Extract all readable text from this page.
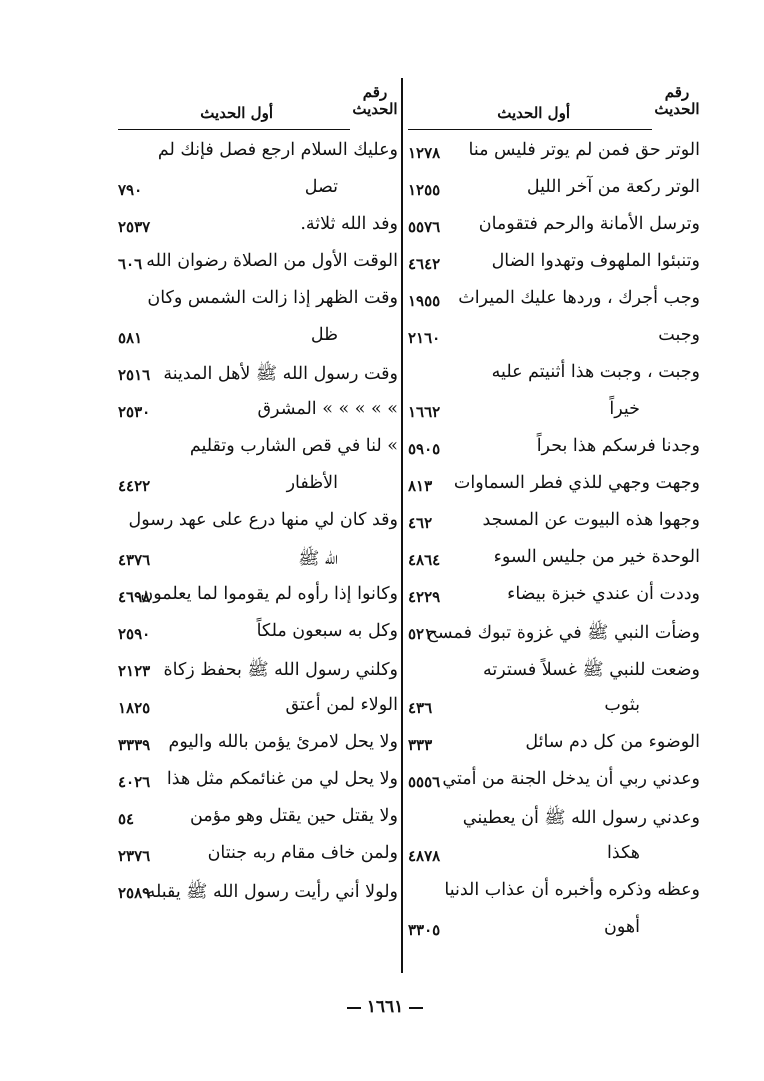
رقم
الحديث
أول الحديث
الوتر حق فمن لم يوتر فليس منا
١٢٧٨
الوتر ركعة من آخر الليل
١٢٥٥
وترسل الأمانة والرحم فتقومان
٥٥٧٦
وتنبئوا الملهوف وتهدوا الضال
٤٦٤٢
وجب أجرك ، وردها عليك الميراث
١٩٥٥
وجبت
٢١٦٠
وجبت ، وجبت هذا أثنيتم عليه
خيراً
١٦٦٢
وجدنا فرسكم هذا بحراً
٥٩٠٥
وجهت وجهي للذي فطر السماوات
٨١٣
وجهوا هذه البيوت عن المسجد
٤٦٢
الوحدة خير من جليس السوء
٤٨٦٤
وددت أن عندي خبزة بيضاء
٤٢٢٩
وضأت النبي ﷺ في غزوة تبوك فمسح
٥٢١
وضعت للنبي ﷺ غسلاً فسترته
بثوب
٤٣٦
الوضوء من كل دم سائل
٣٣٣
وعدني ربي أن يدخل الجنة من أمتي
٥٥٥٦
وعدني رسول الله ﷺ أن يعطيني
هكذا
٤٨٧٨
وعظه وذكره وأخبره أن عذاب الدنيا
أهون
٣٣٠٥
رقم
الحديث
أول الحديث
وعليك السلام ارجع فصل فإنك لم
تصل
٧٩٠
وفد الله ثلاثة.
٢٥٣٧
الوقت الأول من الصلاة رضوان الله
٦٠٦
وقت الظهر إذا زالت الشمس وكان
ظل
٥٨١
وقت رسول الله ﷺ لأهل المدينة
٢٥١٦
» » » » » المشرق
٢٥٣٠
» لنا في قص الشارب وتقليم
الأظفار
٤٤٢٢
وقد كان لي منها درع على عهد رسول
الله ﷺ
٤٣٧٦
وكانوا إذا رأوه لم يقوموا لما يعلمون
٤٦٩٨
وكل به سبعون ملكاً
٢٥٩٠
وكلني رسول الله ﷺ بحفظ زكاة
٢١٢٣
الولاء لمن أعتق
١٨٢٥
ولا يحل لامرئ يؤمن بالله واليوم
٣٣٣٩
ولا يحل لي من غنائمكم مثل هذا
٤٠٢٦
ولا يقتل حين يقتل وهو مؤمن
٥٤
ولمن خاف مقام ربه جنتان
٢٣٧٦
ولولا أني رأيت رسول الله ﷺ يقبله
٢٥٨٩
١٦٦١
